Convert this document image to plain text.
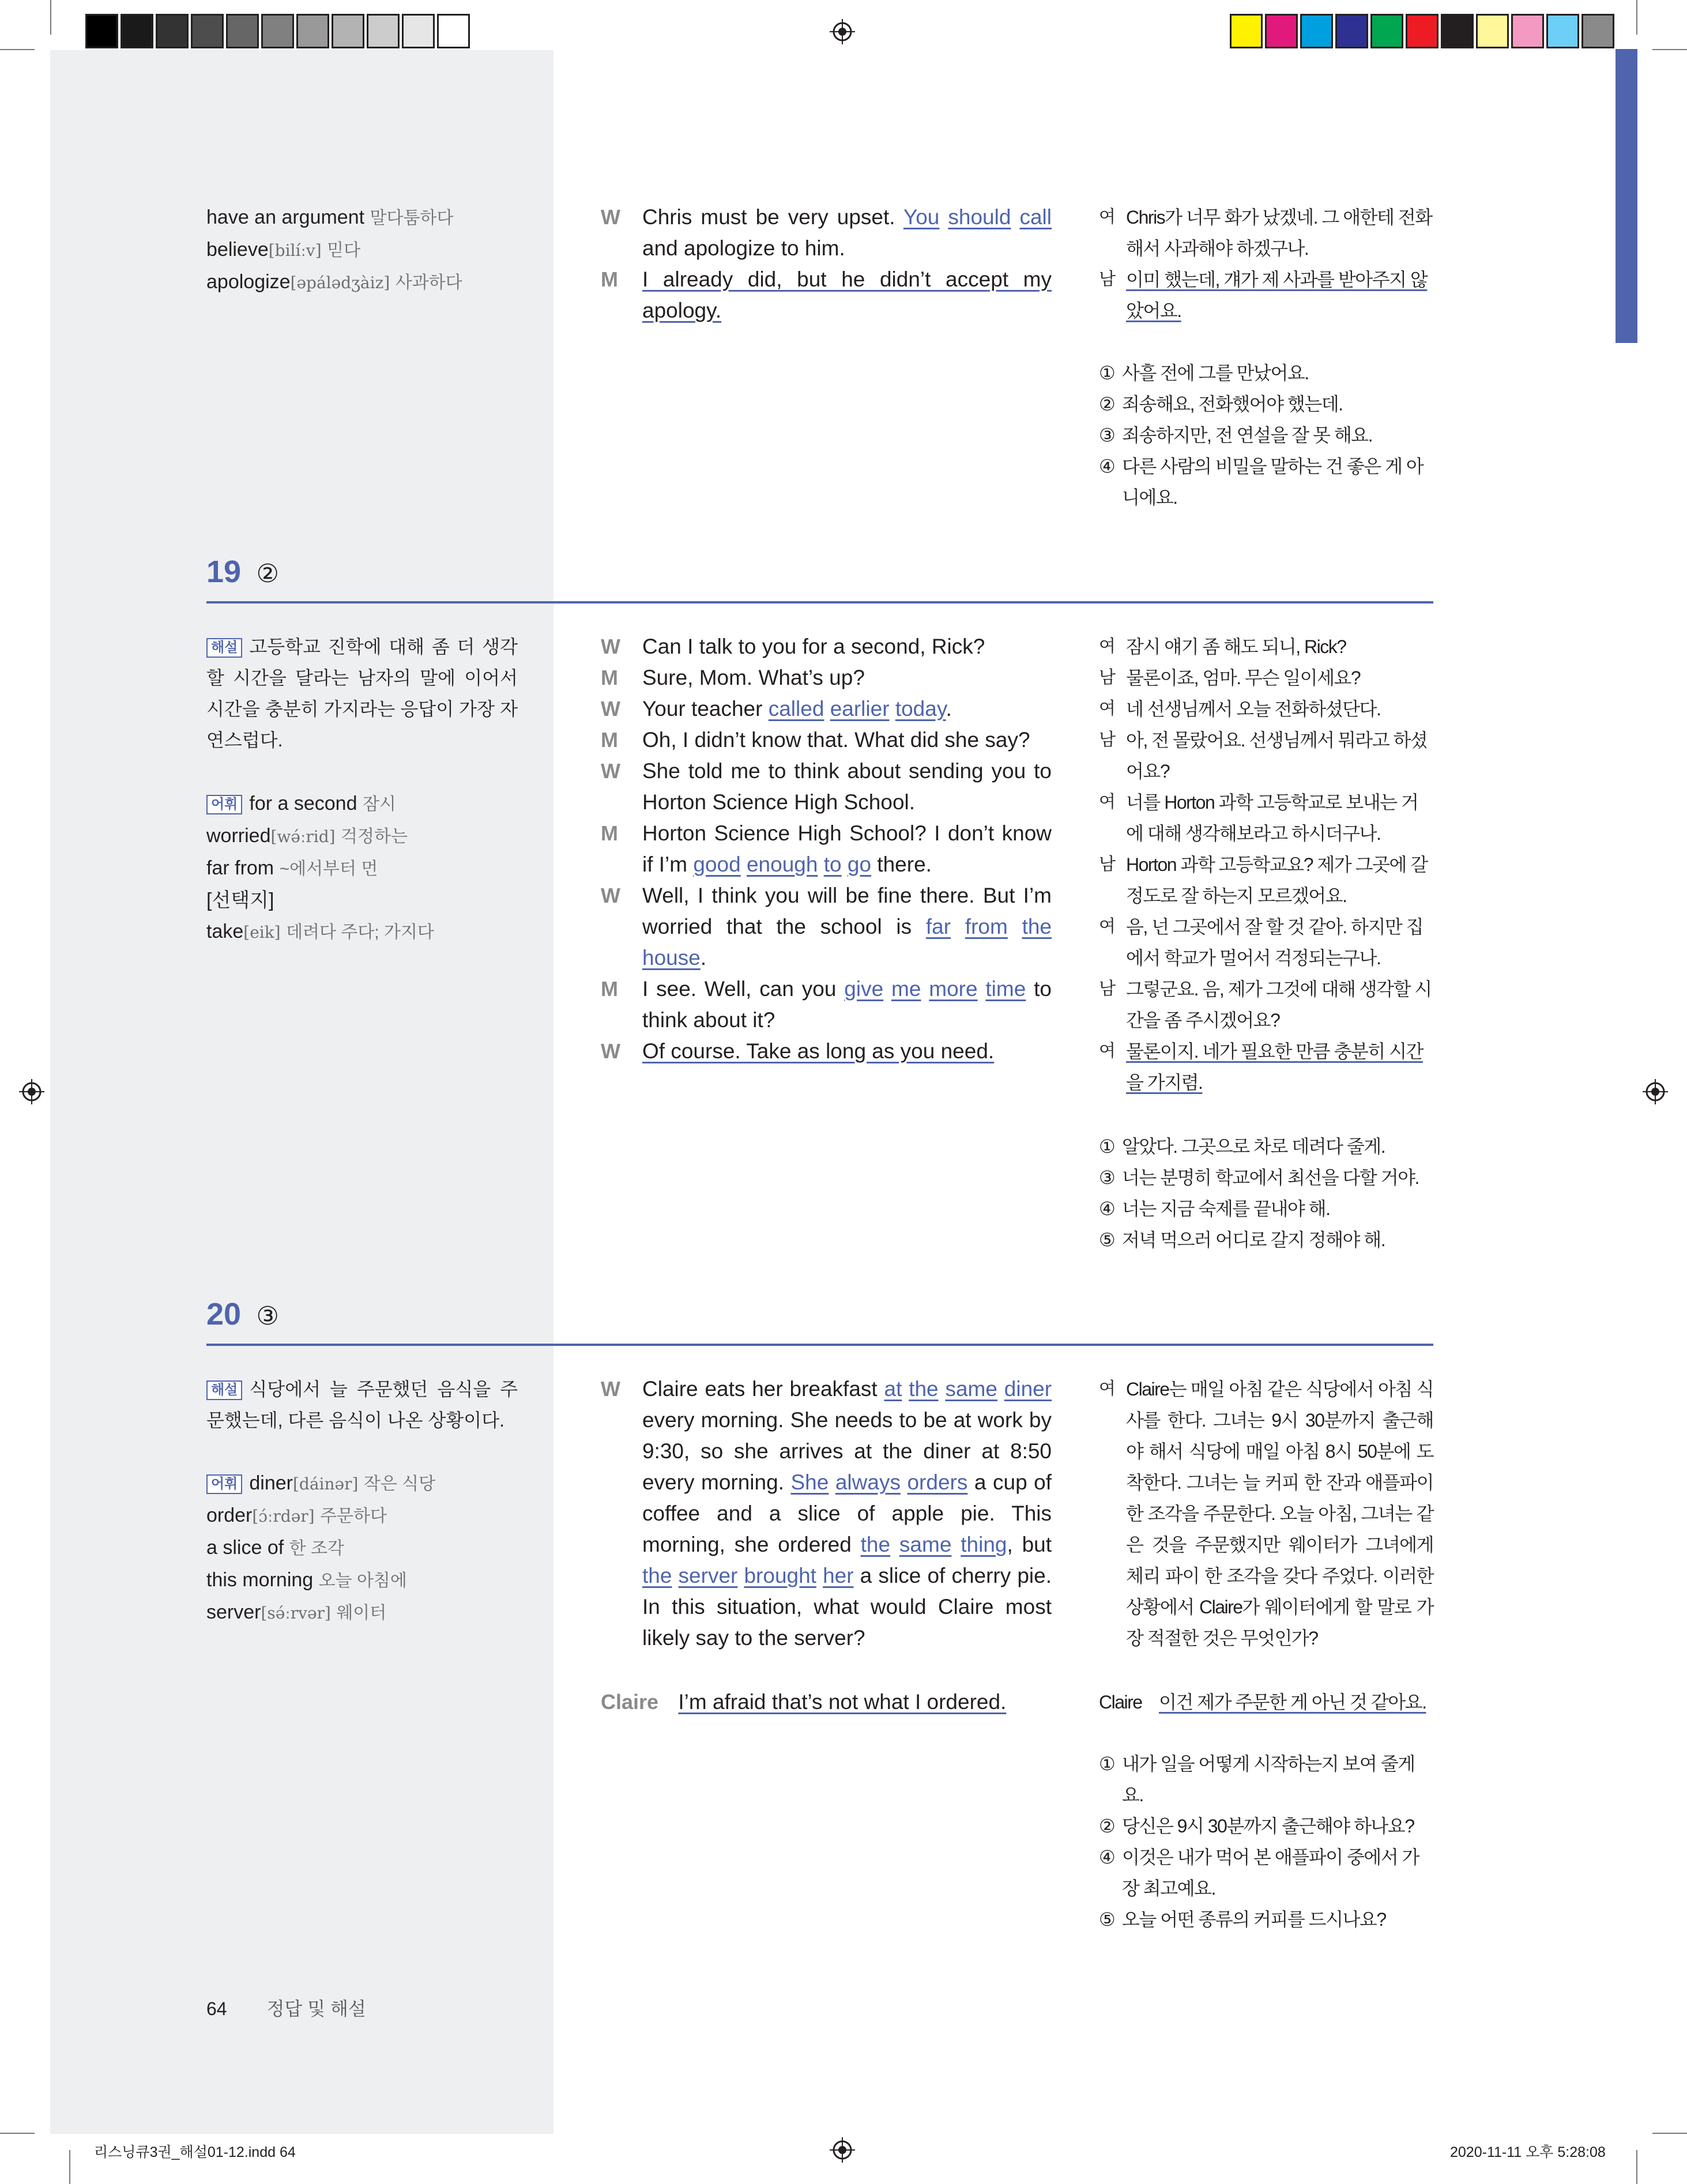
have an argument 말다툼하다
believe[bilíːv] 믿다
apologize[əpálədʒàiz] 사과하다
W Chris must be very upset. You should call and apologize to him.
M I already did, but he didn’t accept my apology.
여 Chris가 너무 화가 났겠네. 그 애한테 전화해서 사과해야 하겠구나.
남 이미 했는데, 걔가 제 사과를 받아주지 않았어요.
① 사흘 전에 그를 만났어요.
② 죄송해요, 전화했어야 했는데.
③ 죄송하지만, 전 연설을 잘 못 해요.
④ 다른 사람의 비밀을 말하는 건 좋은 게 아니에요.
19 ②
해설 고등학교 진학에 대해 좀 더 생각할 시간을 달라는 남자의 말에 이어서 시간을 충분히 가지라는 응답이 가장 자연스럽다.
어휘 for a second 잠시
worried[wə́ːrid] 걱정하는
far from ~에서부터 먼
[선택지]
take[eik] 데려다 주다; 가지다
W Can I talk to you for a second, Rick?
M Sure, Mom. What’s up?
W Your teacher called earlier today.
M Oh, I didn’t know that. What did she say?
W She told me to think about sending you to Horton Science High School.
M Horton Science High School? I don’t know if I’m good enough to go there.
W Well, I think you will be fine there. But I’m worried that the school is far from the house.
M I see. Well, can you give me more time to think about it?
W Of course. Take as long as you need.
여 잠시 얘기 좀 해도 되니, Rick?
남 물론이죠, 엄마. 무슨 일이세요?
여 네 선생님께서 오늘 전화하셨단다.
남 아, 전 몰랐어요. 선생님께서 뭐라고 하셨어요?
여 너를 Horton 과학 고등학교로 보내는 거에 대해 생각해보라고 하시더구나.
남 Horton 과학 고등학교요? 제가 그곳에 갈 정도로 잘 하는지 모르겠어요.
여 음, 넌 그곳에서 잘 할 것 같아. 하지만 집에서 학교가 멀어서 걱정되는구나.
남 그렇군요. 음, 제가 그것에 대해 생각할 시간을 좀 주시겠어요?
여 물론이지. 네가 필요한 만큼 충분히 시간을 가지렴.
① 알았다. 그곳으로 차로 데려다 줄게.
③ 너는 분명히 학교에서 최선을 다할 거야.
④ 너는 지금 숙제를 끝내야 해.
⑤ 저녁 먹으러 어디로 갈지 정해야 해.
20 ③
해설 식당에서 늘 주문했던 음식을 주문했는데, 다른 음식이 나온 상황이다.
어휘 diner[dáinər] 작은 식당
order[ɔ́ːrdər] 주문하다
a slice of 한 조각
this morning 오늘 아침에
server[sə́ːrvər] 웨이터
W Claire eats her breakfast at the same diner every morning. She needs to be at work by 9:30, so she arrives at the diner at 8:50 every morning. She always orders a cup of coffee and a slice of apple pie. This morning, she ordered the same thing, but the server brought her a slice of cherry pie. In this situation, what would Claire most likely say to the server?
Claire I’m afraid that’s not what I ordered.
여 Claire는 매일 아침 같은 식당에서 아침 식사를 한다. 그녀는 9시 30분까지 출근해야 해서 식당에 매일 아침 8시 50분에 도착한다. 그녀는 늘 커피 한 잔과 애플파이 한 조각을 주문한다. 오늘 아침, 그녀는 같은 것을 주문했지만 웨이터가 그녀에게 체리 파이 한 조각을 갖다 주었다. 이러한 상황에서 Claire가 웨이터에게 할 말로 가장 적절한 것은 무엇인가?
Claire 이건 제가 주문한 게 아닌 것 같아요.
① 내가 일을 어떻게 시작하는지 보여 줄게요.
② 당신은 9시 30분까지 출근해야 하나요?
④ 이것은 내가 먹어 본 애플파이 중에서 가장 최고예요.
⑤ 오늘 어떤 종류의 커피를 드시나요?
64 정답 및 해설
리스닝큐3권_해설01-12.indd 64	2020-11-11 오후 5:28:08
